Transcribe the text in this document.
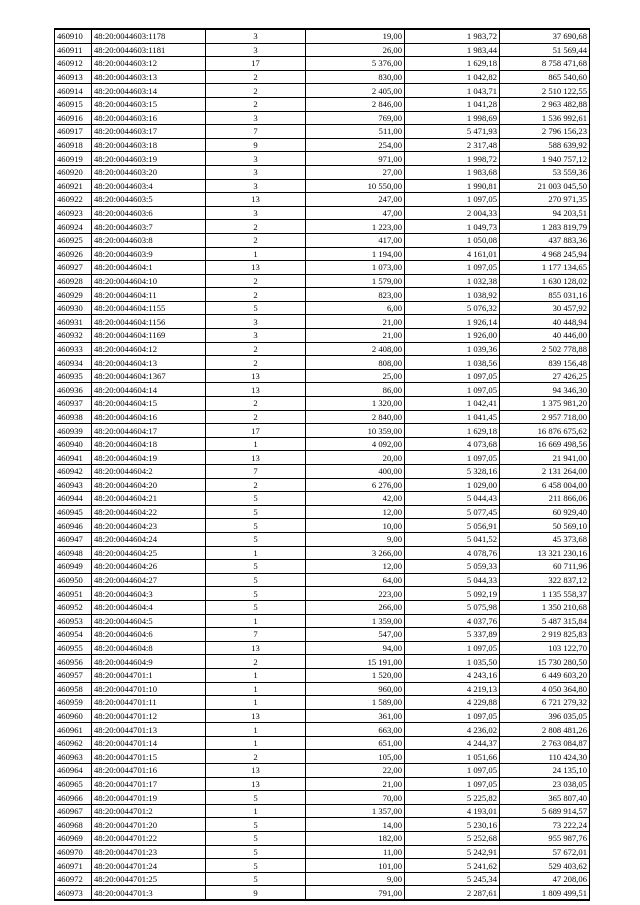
460910	48:20:0044603:1178	3	19,00	1 983,72	37 690,68
460911	48:20:0044603:1181	3	26,00	1 983,44	51 569,44
460912	48:20:0044603:12	17	5 376,00	1 629,18	8 758 471,68
460913	48:20:0044603:13	2	830,00	1 042,82	865 540,60
460914	48:20:0044603:14	2	2 405,00	1 043,71	2 510 122,55
460915	48:20:0044603:15	2	2 846,00	1 041,28	2 963 482,88
460916	48:20:0044603:16	3	769,00	1 998,69	1 536 992,61
460917	48:20:0044603:17	7	511,00	5 471,93	2 796 156,23
460918	48:20:0044603:18	9	254,00	2 317,48	588 639,92
460919	48:20:0044603:19	3	971,00	1 998,72	1 940 757,12
460920	48:20:0044603:20	3	27,00	1 983,68	53 559,36
460921	48:20:0044603:4	3	10 550,00	1 990,81	21 003 045,50
460922	48:20:0044603:5	13	247,00	1 097,05	270 971,35
460923	48:20:0044603:6	3	47,00	2 004,33	94 203,51
460924	48:20:0044603:7	2	1 223,00	1 049,73	1 283 819,79
460925	48:20:0044603:8	2	417,00	1 050,08	437 883,36
460926	48:20:0044603:9	1	1 194,00	4 161,01	4 968 245,94
460927	48:20:0044604:1	13	1 073,00	1 097,05	1 177 134,65
460928	48:20:0044604:10	2	1 579,00	1 032,38	1 630 128,02
460929	48:20:0044604:11	2	823,00	1 038,92	855 031,16
460930	48:20:0044604:1155	5	6,00	5 076,32	30 457,92
460931	48:20:0044604:1156	3	21,00	1 926,14	40 448,94
460932	48:20:0044604:1169	3	21,00	1 926,00	40 446,00
460933	48:20:0044604:12	2	2 408,00	1 039,36	2 502 778,88
460934	48:20:0044604:13	2	808,00	1 038,56	839 156,48
460935	48:20:0044604:1367	13	25,00	1 097,05	27 426,25
460936	48:20:0044604:14	13	86,00	1 097,05	94 346,30
460937	48:20:0044604:15	2	1 320,00	1 042,41	1 375 981,20
460938	48:20:0044604:16	2	2 840,00	1 041,45	2 957 718,00
460939	48:20:0044604:17	17	10 359,00	1 629,18	16 876 675,62
460940	48:20:0044604:18	1	4 092,00	4 073,68	16 669 498,56
460941	48:20:0044604:19	13	20,00	1 097,05	21 941,00
460942	48:20:0044604:2	7	400,00	5 328,16	2 131 264,00
460943	48:20:0044604:20	2	6 276,00	1 029,00	6 458 004,00
460944	48:20:0044604:21	5	42,00	5 044,43	211 866,06
460945	48:20:0044604:22	5	12,00	5 077,45	60 929,40
460946	48:20:0044604:23	5	10,00	5 056,91	50 569,10
460947	48:20:0044604:24	5	9,00	5 041,52	45 373,68
460948	48:20:0044604:25	1	3 266,00	4 078,76	13 321 230,16
460949	48:20:0044604:26	5	12,00	5 059,33	60 711,96
460950	48:20:0044604:27	5	64,00	5 044,33	322 837,12
460951	48:20:0044604:3	5	223,00	5 092,19	1 135 558,37
460952	48:20:0044604:4	5	266,00	5 075,98	1 350 210,68
460953	48:20:0044604:5	1	1 359,00	4 037,76	5 487 315,84
460954	48:20:0044604:6	7	547,00	5 337,89	2 919 825,83
460955	48:20:0044604:8	13	94,00	1 097,05	103 122,70
460956	48:20:0044604:9	2	15 191,00	1 035,50	15 730 280,50
460957	48:20:0044701:1	1	1 520,00	4 243,16	6 449 603,20
460958	48:20:0044701:10	1	960,00	4 219,13	4 050 364,80
460959	48:20:0044701:11	1	1 589,00	4 229,88	6 721 279,32
460960	48:20:0044701:12	13	361,00	1 097,05	396 035,05
460961	48:20:0044701:13	1	663,00	4 236,02	2 808 481,26
460962	48:20:0044701:14	1	651,00	4 244,37	2 763 084,87
460963	48:20:0044701:15	2	105,00	1 051,66	110 424,30
460964	48:20:0044701:16	13	22,00	1 097,05	24 135,10
460965	48:20:0044701:17	13	21,00	1 097,05	23 038,05
460966	48:20:0044701:19	5	70,00	5 225,82	365 807,40
460967	48:20:0044701:2	1	1 357,00	4 193,01	5 689 914,57
460968	48:20:0044701:20	5	14,00	5 230,16	73 222,24
460969	48:20:0044701:22	5	182,00	5 252,68	955 987,76
460970	48:20:0044701:23	5	11,00	5 242,91	57 672,01
460971	48:20:0044701:24	5	101,00	5 241,62	529 403,62
460972	48:20:0044701:25	5	9,00	5 245,34	47 208,06
460973	48:20:0044701:3	9	791,00	2 287,61	1 809 499,51
